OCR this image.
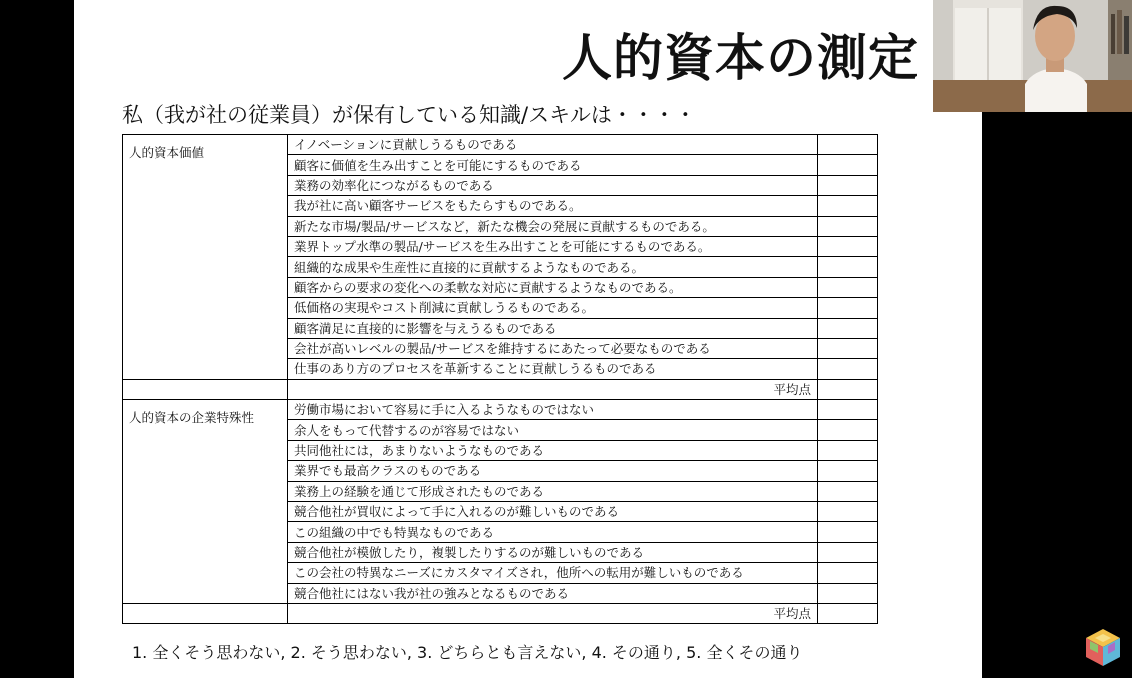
人的資本の測定
私（我が社の従業員）が保有している知識/スキルは・・・・
人的資本価値	イノベーションに貢献しうるものである	
	顧客に価値を生み出すことを可能にするものである	
	業務の効率化につながるものである	
	我が社に高い顧客サービスをもたらすものである。	
	新たな市場/製品/サービスなど，新たな機会の発展に貢献するものである。	
	業界トップ水準の製品/サービスを生み出すことを可能にするものである。	
	組織的な成果や生産性に直接的に貢献するようなものである。	
	顧客からの要求の変化への柔軟な対応に貢献するようなものである。	
	低価格の実現やコスト削減に貢献しうるものである。	
	顧客満足に直接的に影響を与えうるものである	
	会社が高いレベルの製品/サービスを維持するにあたって必要なものである	
	仕事のあり方のプロセスを革新することに貢献しうるものである	
	平均点	

人的資本の企業特殊性	労働市場において容易に手に入るようなものではない	
	余人をもって代替するのが容易ではない	
	共同他社には，あまりないようなものである	
	業界でも最高クラスのものである	
	業務上の経験を通じて形成されたものである	
	競合他社が買収によって手に入れるのが難しいものである	
	この組織の中でも特異なものである	
	競合他社が模倣したり，複製したりするのが難しいものである	
	この会社の特異なニーズにカスタマイズされ，他所への転用が難しいものである	
	競合他社にはない我が社の強みとなるものである	
	平均点	
1. 全くそう思わない, 2. そう思わない, 3. どちらとも言えない, 4. その通り, 5. 全くその通り
